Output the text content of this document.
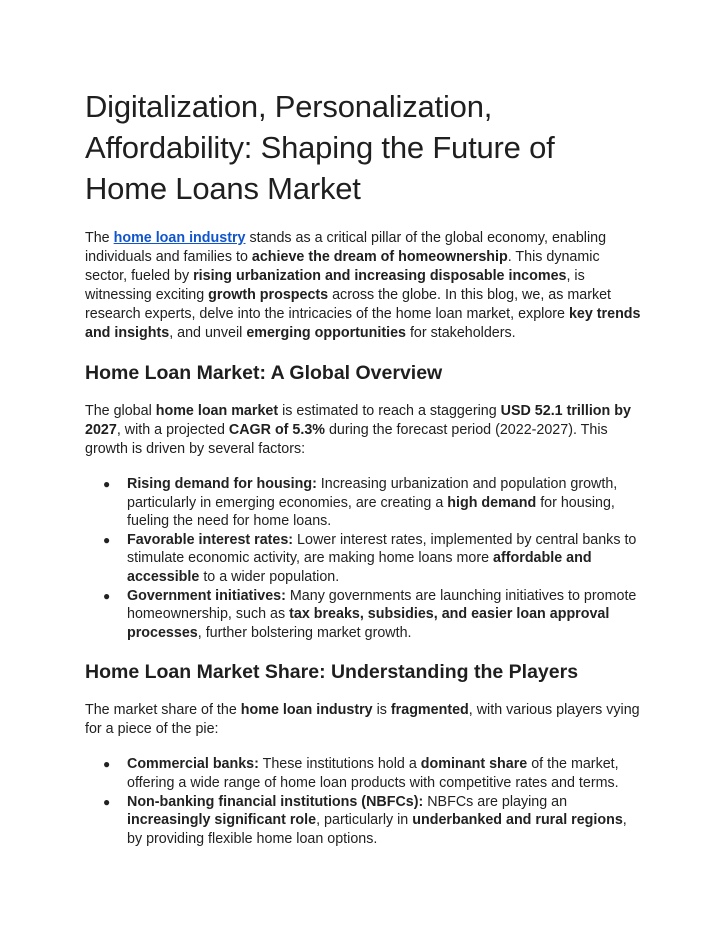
Digitalization, Personalization,
Affordability: Shaping the Future of
Home Loans Market

The home loan industry stands as a critical pillar of the global economy, enabling
individuals and families to achieve the dream of homeownership. This dynamic
sector, fueled by rising urbanization and increasing disposable incomes, is
witnessing exciting growth prospects across the globe. In this blog, we, as market
research experts, delve into the intricacies of the home loan market, explore key trends
and insights, and unveil emerging opportunities for stakeholders.

Home Loan Market: A Global Overview

The global home loan market is estimated to reach a staggering USD 52.1 trillion by
2027, with a projected CAGR of 5.3% during the forecast period (2022-2027). This
growth is driven by several factors:

● Rising demand for housing: Increasing urbanization and population growth,
particularly in emerging economies, are creating a high demand for housing,
fueling the need for home loans.
● Favorable interest rates: Lower interest rates, implemented by central banks to
stimulate economic activity, are making home loans more affordable and
accessible to a wider population.
● Government initiatives: Many governments are launching initiatives to promote
homeownership, such as tax breaks, subsidies, and easier loan approval
processes, further bolstering market growth.
Home Loan Market Share: Understanding the Players

The market share of the home loan industry is fragmented, with various players vying
for a piece of the pie:

● Commercial banks: These institutions hold a dominant share of the market,
offering a wide range of home loan products with competitive rates and terms.
● Non-banking financial institutions (NBFCs): NBFCs are playing an
increasingly significant role, particularly in underbanked and rural regions,
by providing flexible home loan options.
